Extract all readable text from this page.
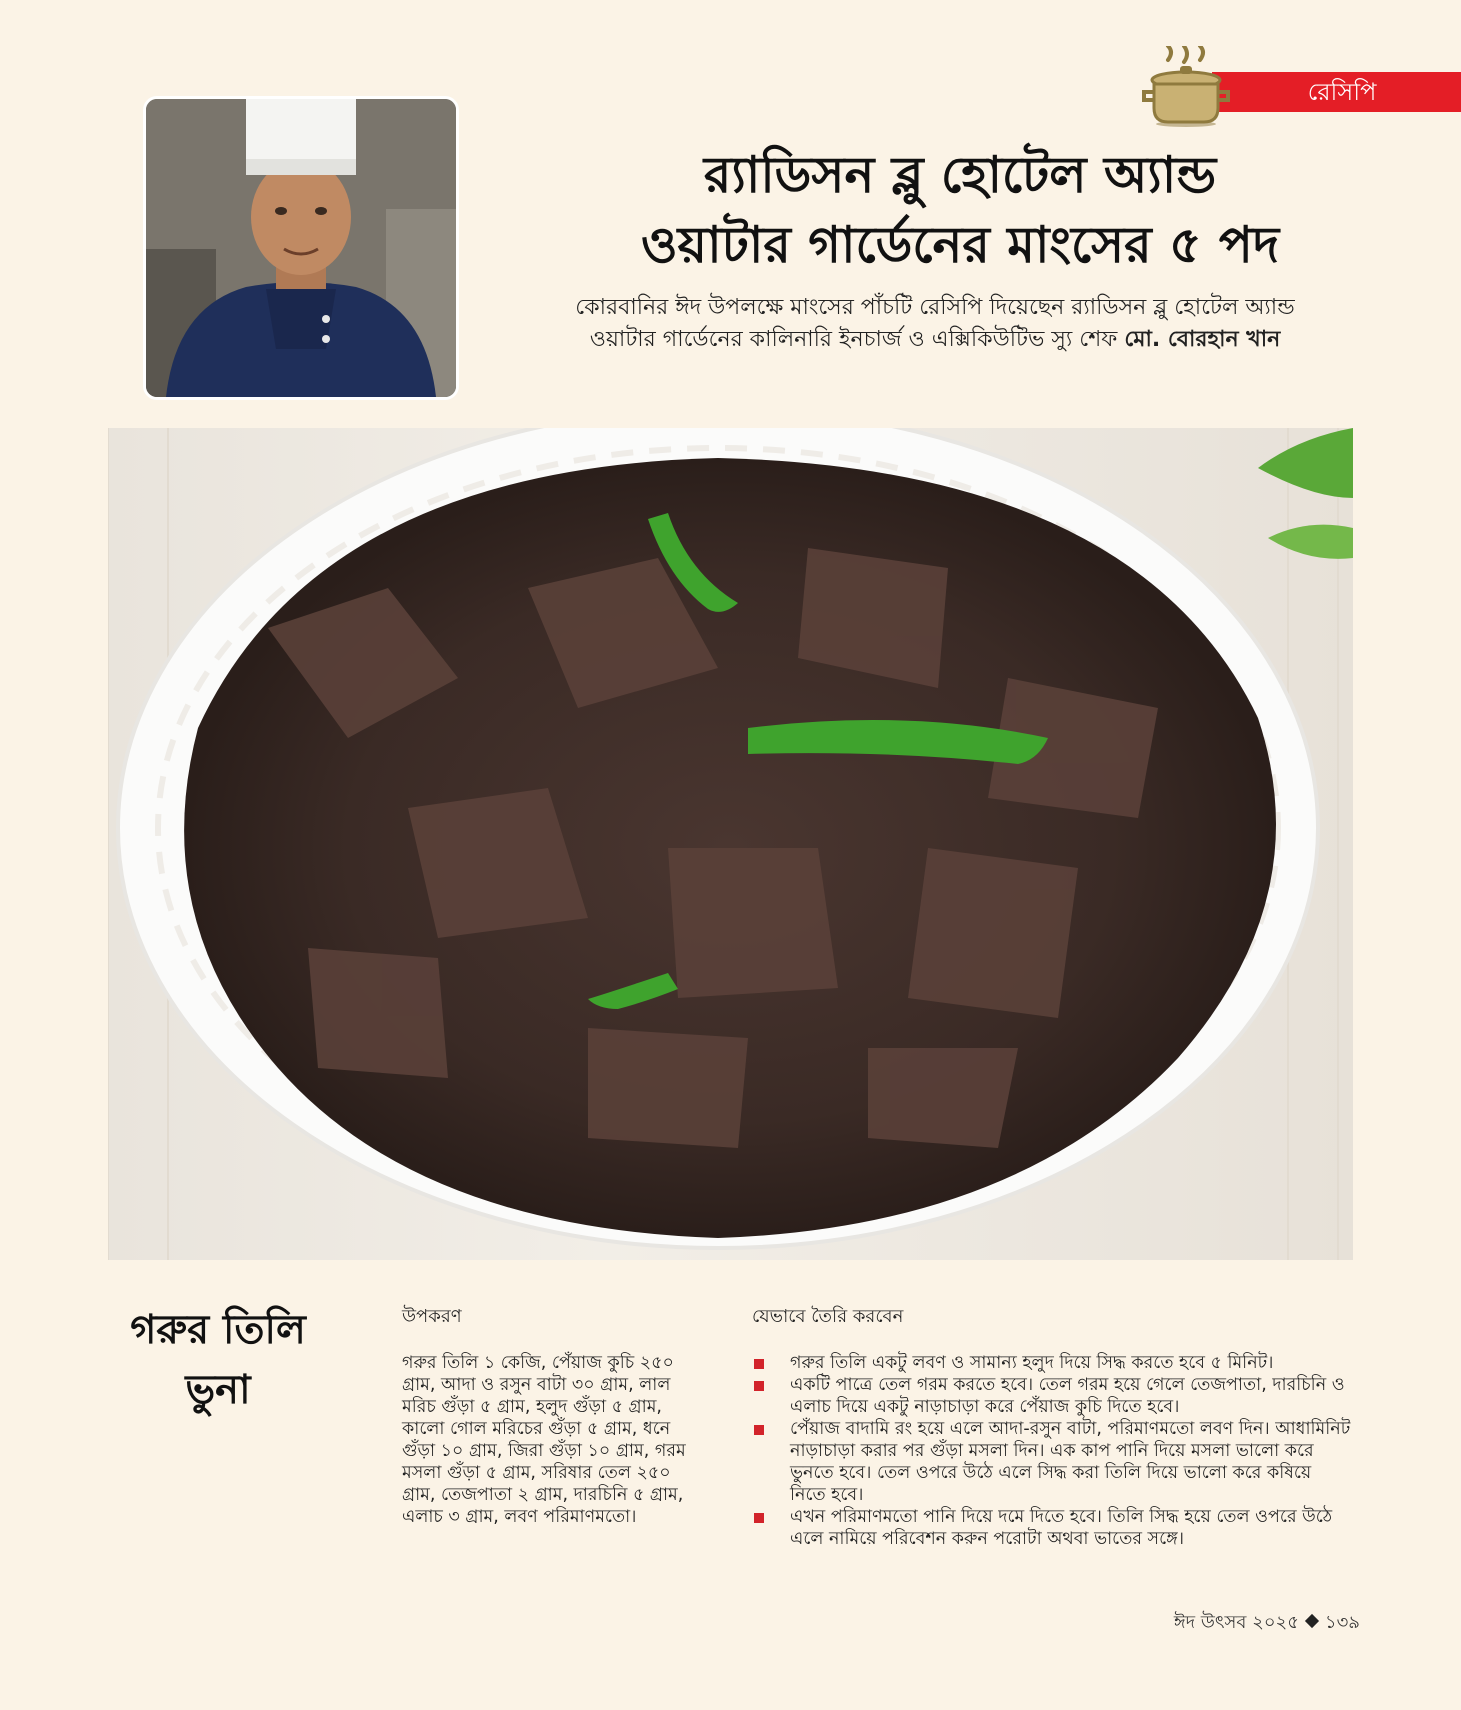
রেসিপি
র‍্যাডিসন ব্লু হোটেল অ্যান্ড
ওয়াটার গার্ডেনের মাংসের ৫ পদ
কোরবানির ঈদ উপলক্ষে মাংসের পাঁচটি রেসিপি দিয়েছেন র‍্যাডিসন ব্লু হোটেল অ্যান্ড ওয়াটার গার্ডেনের কালিনারি ইনচার্জ ও এক্সিকিউটিভ স্যু শেফ মো. বোরহান খান
গরুর তিলি
ভুনা
উপকরণ
গরুর তিলি ১ কেজি, পেঁয়াজ কুচি ২৫০ গ্রাম, আদা ও রসুন বাটা ৩০ গ্রাম, লাল মরিচ গুঁড়া ৫ গ্রাম, হলুদ গুঁড়া ৫ গ্রাম, কালো গোল মরিচের গুঁড়া ৫ গ্রাম, ধনে গুঁড়া ১০ গ্রাম, জিরা গুঁড়া ১০ গ্রাম, গরম মসলা গুঁড়া ৫ গ্রাম, সরিষার তেল ২৫০ গ্রাম, তেজপাতা ২ গ্রাম, দারচিনি ৫ গ্রাম, এলাচ ৩ গ্রাম, লবণ পরিমাণমতো।
যেভাবে তৈরি করবেন
গরুর তিলি একটু লবণ ও সামান্য হলুদ দিয়ে সিদ্ধ করতে হবে ৫ মিনিট।
একটি পাত্রে তেল গরম করতে হবে। তেল গরম হয়ে গেলে তেজপাতা, দারচিনি ও এলাচ দিয়ে একটু নাড়াচাড়া করে পেঁয়াজ কুচি দিতে হবে।
পেঁয়াজ বাদামি রং হয়ে এলে আদা-রসুন বাটা, পরিমাণমতো লবণ দিন। আধামিনিট নাড়াচাড়া করার পর গুঁড়া মসলা দিন। এক কাপ পানি দিয়ে মসলা ভালো করে ভুনতে হবে। তেল ওপরে উঠে এলে সিদ্ধ করা তিলি দিয়ে ভালো করে কষিয়ে নিতে হবে।
এখন পরিমাণমতো পানি দিয়ে দমে দিতে হবে। তিলি সিদ্ধ হয়ে তেল ওপরে উঠে এলে নামিয়ে পরিবেশন করুন পরোটা অথবা ভাতের সঙ্গে।
ঈদ উৎসব ২০২৫ ১৩৯
